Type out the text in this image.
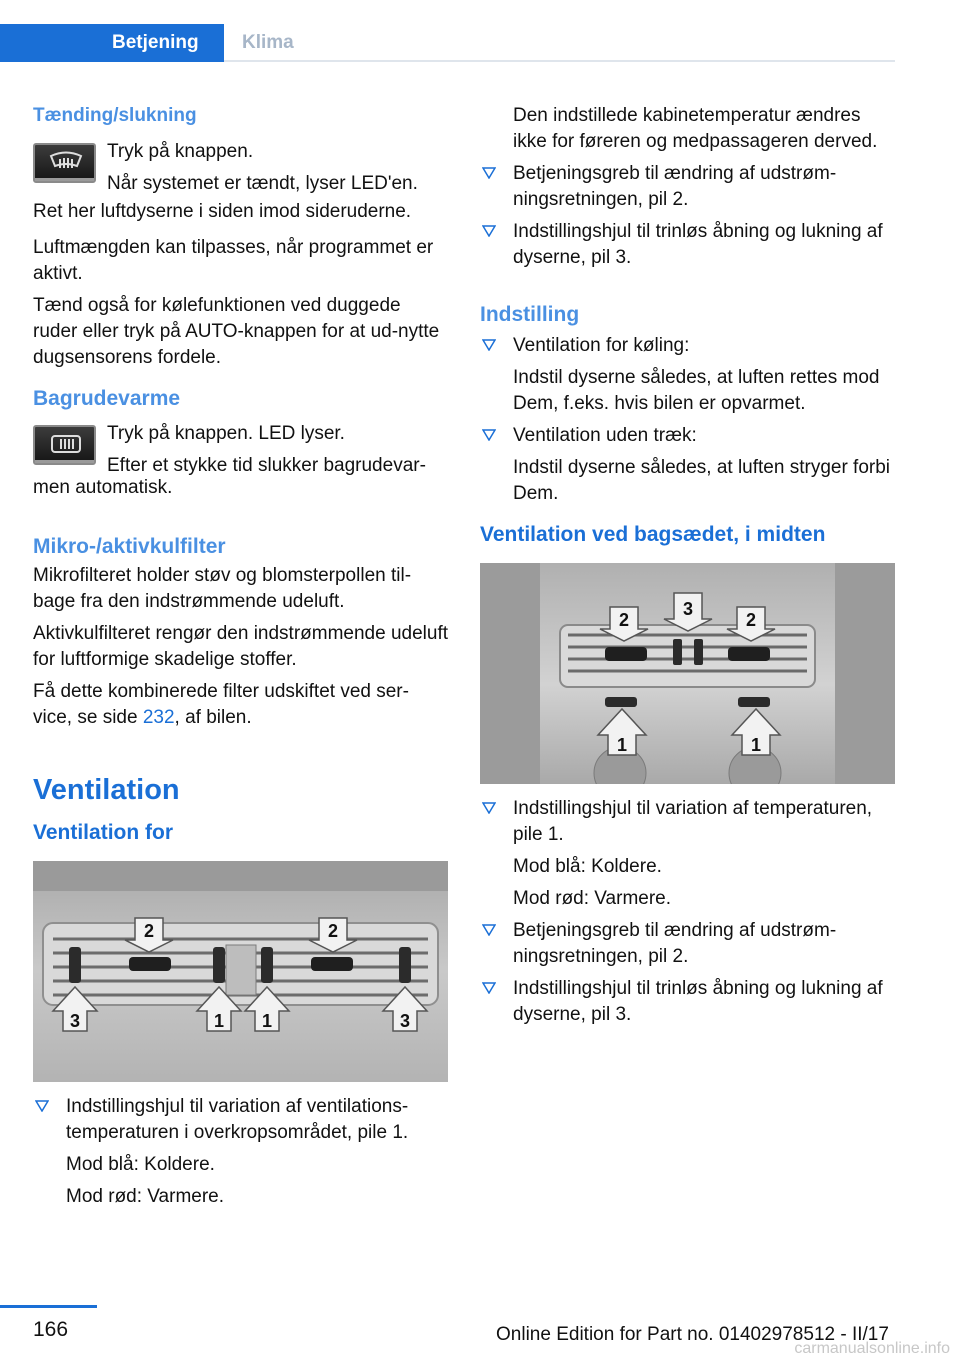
Betjening	Klima

Tænding/slukning

Tryk på knappen.

Når systemet er tændt, lyser LED'en.

Ret her luftdyserne i siden imod sideruderne.

Luftmængden kan tilpasses, når programmet er aktivt.

Tænd også for kølefunktionen ved duggede ruder eller tryk på AUTO-knappen for at ud-nytte dugsensorens fordele.

Bagrudevarme

Tryk på knappen. LED lyser.

Efter et stykke tid slukker bagrudevar-

men automatisk.

Mikro-/aktivkulfilter

Mikrofilteret holder støv og blomsterpollen til-bage fra den indstrømmende udeluft.

Aktivkulfilteret rengør den indstrømmende udeluft for luftformige skadelige stoffer.

Få dette kombinerede filter udskiftet ved ser-vice, se side 232, af bilen.

Ventilation

Ventilation for

2	2
3	1 1	3

Indstillingshjul til variation af ventilations-temperaturen i overkropsområdet, pile 1.

Mod blå: Koldere.

Mod rød: Varmere.

Den indstillede kabinetemperatur ændres ikke for føreren og medpassageren derved.

Betjeningsgreb til ændring af udstrøm-ningsretningen, pil 2.

Indstillingshjul til trinløs åbning og lukning af dyserne, pil 3.

Indstilling

Ventilation for køling:

Indstil dyserne således, at luften rettes mod Dem, f.eks. hvis bilen er opvarmet.

Ventilation uden træk:

Indstil dyserne således, at luften stryger forbi Dem.

Ventilation ved bagsædet, i midten

2
3
2
1	1

Indstillingshjul til variation af temperaturen, pile 1.

Mod blå: Koldere.

Mod rød: Varmere.

Betjeningsgreb til ændring af udstrøm-ningsretningen, pil 2.

Indstillingshjul til trinløs åbning og lukning af dyserne, pil 3.

166	Online Edition for Part no. 01402978512 - II/17
carmanualsonline.info
